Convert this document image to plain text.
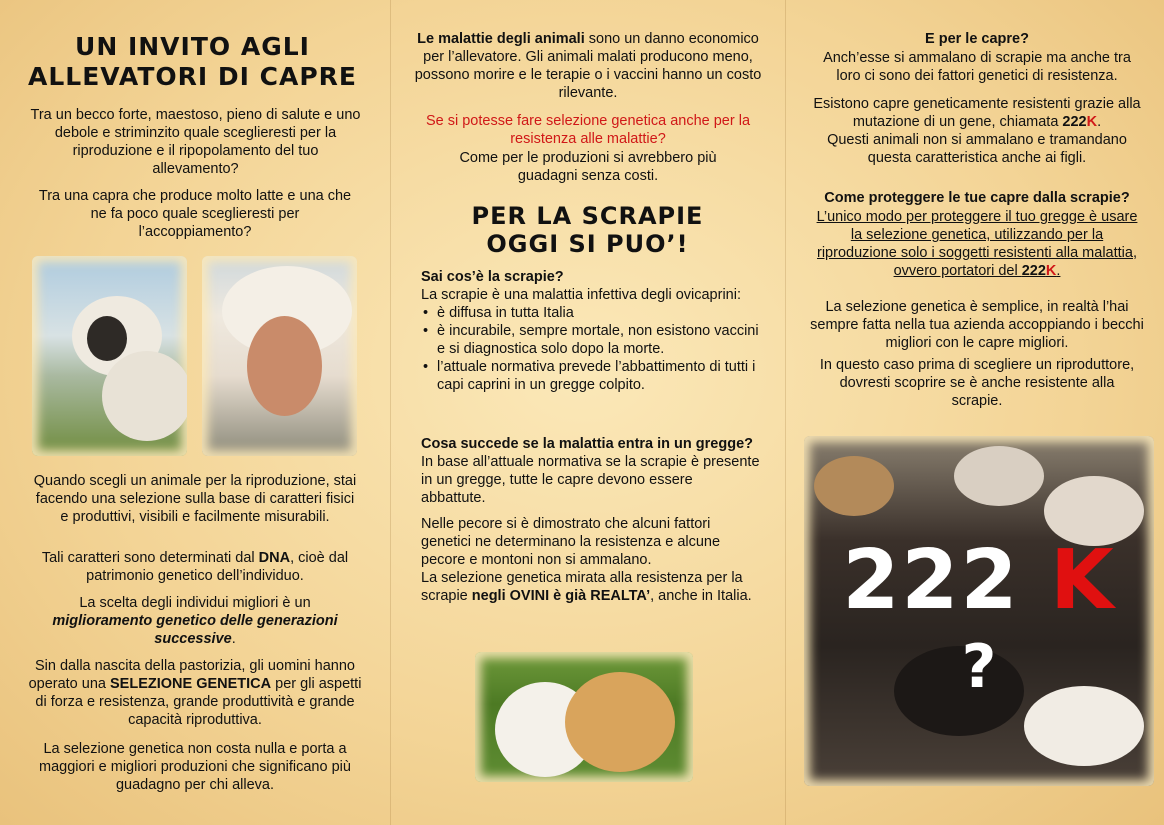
UN INVITO AGLI
ALLEVATORI DI CAPRE

Tra un becco forte, maestoso, pieno di salute e uno debole e striminzito quale sceglieresti per la riproduzione e il ripopolamento del tuo allevamento?

Tra una capra che produce molto latte e una che ne fa poco quale sceglieresti per l’accoppiamento?

Quando scegli un animale per la riproduzione, stai facendo una selezione sulla base di caratteri fisici e produttivi, visibili e facilmente misurabili.

Tali caratteri sono determinati dal DNA, cioè dal patrimonio genetico dell’individuo.

La scelta degli individui migliori è un miglioramento genetico delle generazioni successive.

Sin dalla nascita della pastorizia, gli uomini hanno operato una SELEZIONE GENETICA per gli aspetti di forza e resistenza, grande produttività e grande capacità riproduttiva.

La selezione genetica non costa nulla e porta a maggiori e migliori produzioni che significano più guadagno per chi alleva.

Le malattie degli animali sono un danno economico per l’allevatore. Gli animali malati producono meno, possono morire e le terapie o i vaccini hanno un costo rilevante.

Se si potesse fare selezione genetica anche per la resistenza alle malattie?

Come per le produzioni si avrebbero più guadagni senza costi.

PER LA SCRAPIE
OGGI SI PUO’!

Sai cos’è la scrapie?

La scrapie è una malattia infettiva degli ovicaprini:

• è diffusa in tutta Italia
• è incurabile, sempre mortale, non esistono vaccini e si diagnostica solo dopo la morte.
• l’attuale normativa prevede l’abbattimento di tutti i capi caprini in un gregge colpito.

Cosa succede se la malattia entra in un gregge?

In base all’attuale normativa se la scrapie è presente in un gregge, tutte le capre devono essere abbattute.

Nelle pecore si è dimostrato che alcuni fattori genetici ne determinano la resistenza e alcune pecore e montoni non si ammalano.

La selezione genetica mirata alla resistenza per la scrapie negli OVINI è già REALTA’, anche in Italia.

E per le capre?

Anch’esse si ammalano di scrapie ma anche tra loro ci sono dei fattori genetici di resistenza.

Esistono capre geneticamente resistenti grazie alla mutazione di un gene, chiamata 222K.

Questi animali non si ammalano e tramandano questa caratteristica anche ai figli.

Come proteggere le tue capre dalla scrapie?

L’unico modo per proteggere il tuo gregge è usare la selezione genetica, utilizzando per la riproduzione solo i soggetti resistenti alla malattia, ovvero portatori del 222K.

La selezione genetica è semplice, in realtà l’hai sempre fatta nella tua azienda accoppiando i becchi migliori con le capre migliori.

In questo caso prima di scegliere un riproduttore, dovresti scoprire se è anche resistente alla scrapie.

222 K
?
